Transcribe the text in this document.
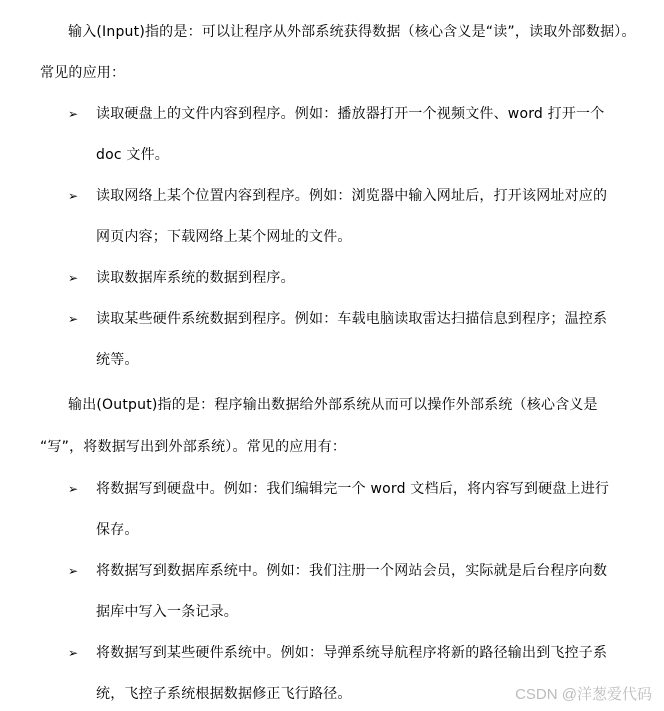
输入(Input)指的是：可以让程序从外部系统获得数据（核心含义是“读”，读取外部数据）。
常见的应用：
➢ 读取硬盘上的文件内容到程序。例如：播放器打开一个视频文件、word 打开一个
doc 文件。
➢ 读取网络上某个位置内容到程序。例如：浏览器中输入网址后，打开该网址对应的
网页内容；下载网络上某个网址的文件。
➢ 读取数据库系统的数据到程序。
➢ 读取某些硬件系统数据到程序。例如：车载电脑读取雷达扫描信息到程序；温控系
统等。
输出(Output)指的是：程序输出数据给外部系统从而可以操作外部系统（核心含义是
“写”，将数据写出到外部系统）。常见的应用有：
➢ 将数据写到硬盘中。例如：我们编辑完一个 word 文档后，将内容写到硬盘上进行
保存。
➢ 将数据写到数据库系统中。例如：我们注册一个网站会员，实际就是后台程序向数
据库中写入一条记录。
➢ 将数据写到某些硬件系统中。例如：导弹系统导航程序将新的路径输出到飞控子系
统，飞控子系统根据数据修正飞行路径。	CSDN @洋葱爱代码
